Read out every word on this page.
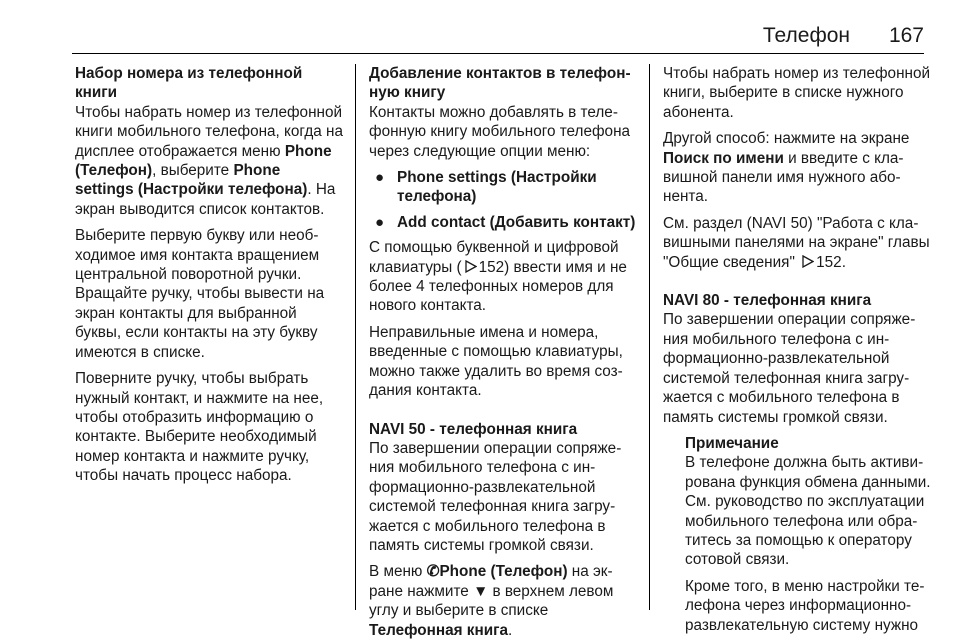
Телефон 167
Набор номера из телефонной книги
Чтобы набрать номер из телефонной книги мобильного телефона, когда на дисплее отображается меню Phone (Телефон), выберите Phone settings (Настройки телефона). На экран выводится список контактов.
Выберите первую букву или необходимое имя контакта вращением центральной поворотной ручки. Вращайте ручку, чтобы вывести на экран контакты для выбранной буквы, если контакты на эту букву имеются в списке.
Поверните ручку, чтобы выбрать нужный контакт, и нажмите на нее, чтобы отобразить информацию о контакте. Выберите необходимый номер контакта и нажмите ручку, чтобы начать процесс набора.
Добавление контактов в телефонную книгу
Контакты можно добавлять в телефонную книгу мобильного телефона через следующие опции меню:
● Phone settings (Настройки телефона)
● Add contact (Добавить контакт)
С помощью буквенной и цифровой клавиатуры ( 152) ввести имя и не более 4 телефонных номеров для нового контакта.
Неправильные имена и номера, введенные с помощью клавиатуры, можно также удалить во время создания контакта.
NAVI 50 - телефонная книга
По завершении операции сопряжения мобильного телефона с информационно-развлекательной системой телефонная книга загружается с мобильного телефона в память системы громкой связи.
В меню ✆Phone (Телефон) на экране нажмите ▼ в верхнем левом углу и выберите в списке Телефонная книга.
Чтобы набрать номер из телефонной книги, выберите в списке нужного абонента.
Другой способ: нажмите на экране Поиск по имени и введите с клавишной панели имя нужного абонента.
См. раздел (NAVI 50) "Работа с клавишными панелями на экране" главы "Общие сведения" 152.
NAVI 80 - телефонная книга
По завершении операции сопряжения мобильного телефона с информационно-развлекательной системой телефонная книга загружается с мобильного телефона в память системы громкой связи.
Примечание
В телефоне должна быть активирована функция обмена данными. См. руководство по эксплуатации мобильного телефона или обратитесь за помощью к оператору сотовой связи.
Кроме того, в меню настройки телефона через информационно-развлекательную систему нужно
